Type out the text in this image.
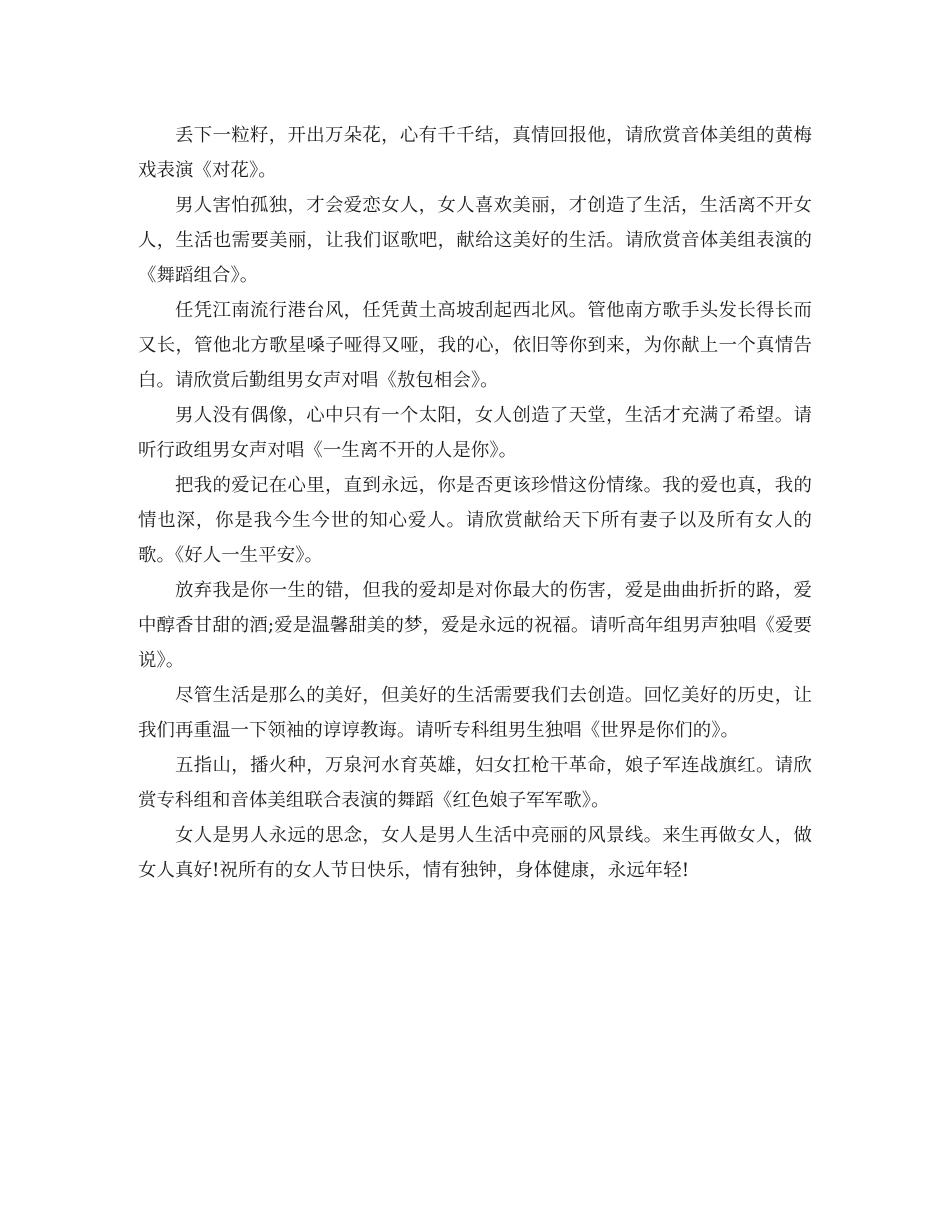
丢下一粒籽，开出万朵花，心有千千结，真情回报他，请欣赏音体美组的黄梅戏表演《对花》。

男人害怕孤独，才会爱恋女人，女人喜欢美丽，才创造了生活，生活离不开女人，生活也需要美丽，让我们讴歌吧，献给这美好的生活。请欣赏音体美组表演的《舞蹈组合》。

任凭江南流行港台风，任凭黄土高坡刮起西北风。管他南方歌手头发长得长而又长，管他北方歌星嗓子哑得又哑，我的心，依旧等你到来，为你献上一个真情告白。请欣赏后勤组男女声对唱《敖包相会》。

男人没有偶像，心中只有一个太阳，女人创造了天堂，生活才充满了希望。请听行政组男女声对唱《一生离不开的人是你》。

把我的爱记在心里，直到永远，你是否更该珍惜这份情缘。我的爱也真，我的情也深，你是我今生今世的知心爱人。请欣赏献给天下所有妻子以及所有女人的歌。《好人一生平安》。

放弃我是你一生的错，但我的爱却是对你最大的伤害，爱是曲曲折折的路，爱中醇香甘甜的酒;爱是温馨甜美的梦，爱是永远的祝福。请听高年组男声独唱《爱要说》。

尽管生活是那么的美好，但美好的生活需要我们去创造。回忆美好的历史，让我们再重温一下领袖的谆谆教诲。请听专科组男生独唱《世界是你们的》。

五指山，播火种，万泉河水育英雄，妇女扛枪干革命，娘子军连战旗红。请欣赏专科组和音体美组联合表演的舞蹈《红色娘子军军歌》。

女人是男人永远的思念，女人是男人生活中亮丽的风景线。来生再做女人，做女人真好!祝所有的女人节日快乐，情有独钟，身体健康，永远年轻!
